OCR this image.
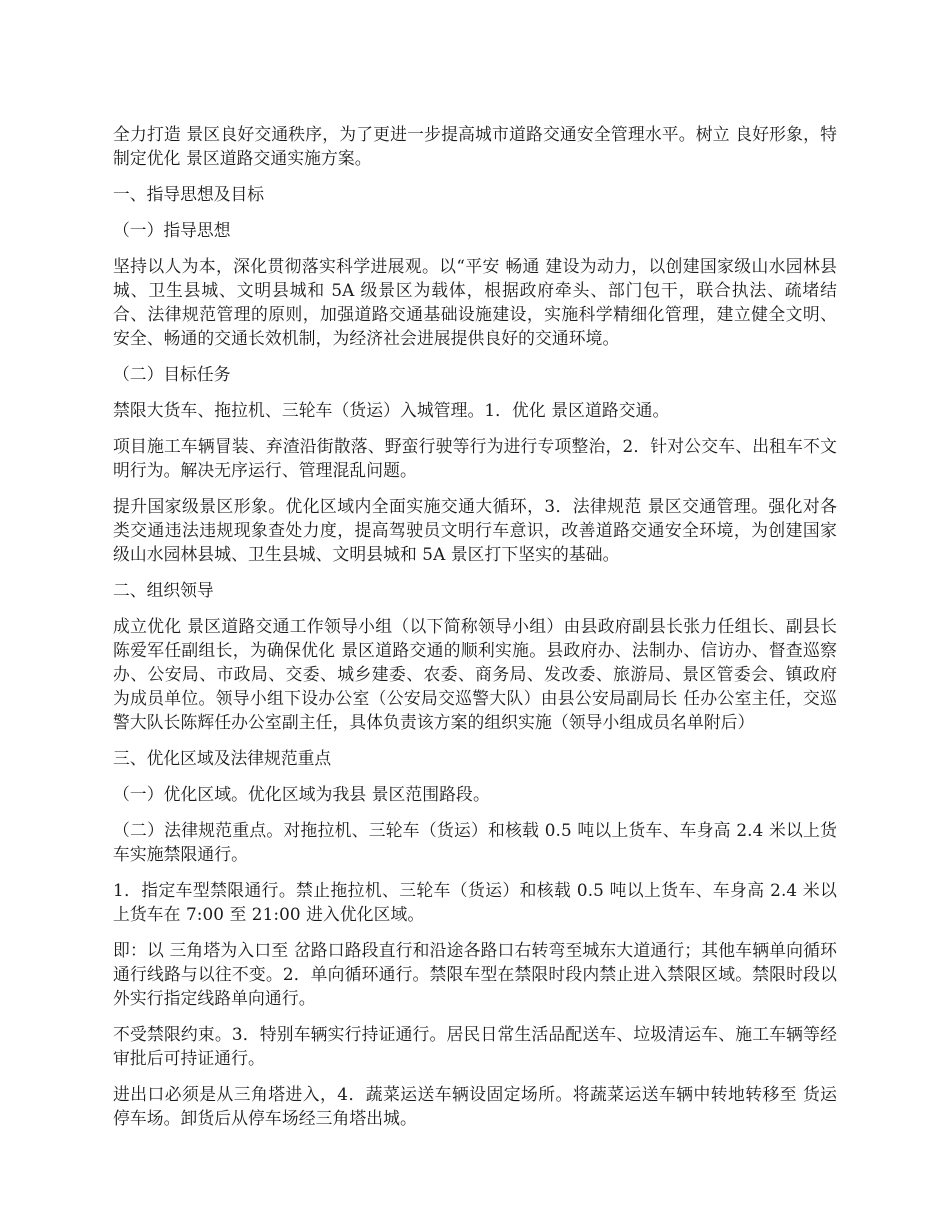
全力打造 景区良好交通秩序，为了更进一步提高城市道路交通安全管理水平。树立 良好形象，特制定优化 景区道路交通实施方案。

一、指导思想及目标

（一）指导思想

坚持以人为本，深化贯彻落实科学进展观。以“平安 畅通 建设为动力，以创建国家级山水园林县城、卫生县城、文明县城和 5A 级景区为载体，根据政府牵头、部门包干，联合执法、疏堵结合、法律规范管理的原则，加强道路交通基础设施建设，实施科学精细化管理，建立健全文明、安全、畅通的交通长效机制，为经济社会进展提供良好的交通环境。

（二）目标任务

禁限大货车、拖拉机、三轮车（货运）入城管理。1．优化 景区道路交通。

项目施工车辆冒装、弃渣沿街散落、野蛮行驶等行为进行专项整治，2．针对公交车、出租车不文明行为。解决无序运行、管理混乱问题。

提升国家级景区形象。优化区域内全面实施交通大循环，3．法律规范 景区交通管理。强化对各类交通违法违规现象查处力度，提高驾驶员文明行车意识，改善道路交通安全环境，为创建国家级山水园林县城、卫生县城、文明县城和 5A 景区打下坚实的基础。

二、组织领导

成立优化 景区道路交通工作领导小组（以下简称领导小组）由县政府副县长张力任组长、副县长陈爱军任副组长，为确保优化 景区道路交通的顺利实施。县政府办、法制办、信访办、督查巡察办、公安局、市政局、交委、城乡建委、农委、商务局、发改委、旅游局、景区管委会、镇政府为成员单位。领导小组下设办公室（公安局交巡警大队）由县公安局副局长 任办公室主任，交巡警大队长陈辉任办公室副主任，具体负责该方案的组织实施（领导小组成员名单附后）

三、优化区域及法律规范重点

（一）优化区域。优化区域为我县 景区范围路段。

（二）法律规范重点。对拖拉机、三轮车（货运）和核载 0.5 吨以上货车、车身高 2.4 米以上货车实施禁限通行。

1．指定车型禁限通行。禁止拖拉机、三轮车（货运）和核载 0.5 吨以上货车、车身高 2.4 米以上货车在 7:00 至 21:00 进入优化区域。

即：以 三角塔为入口至 岔路口路段直行和沿途各路口右转弯至城东大道通行；其他车辆单向循环通行线路与以往不变。2．单向循环通行。禁限车型在禁限时段内禁止进入禁限区域。禁限时段以外实行指定线路单向通行。

不受禁限约束。3．特别车辆实行持证通行。居民日常生活品配送车、垃圾清运车、施工车辆等经审批后可持证通行。

进出口必须是从三角塔进入，4．蔬菜运送车辆设固定场所。将蔬菜运送车辆中转地转移至 货运停车场。卸货后从停车场经三角塔出城。
